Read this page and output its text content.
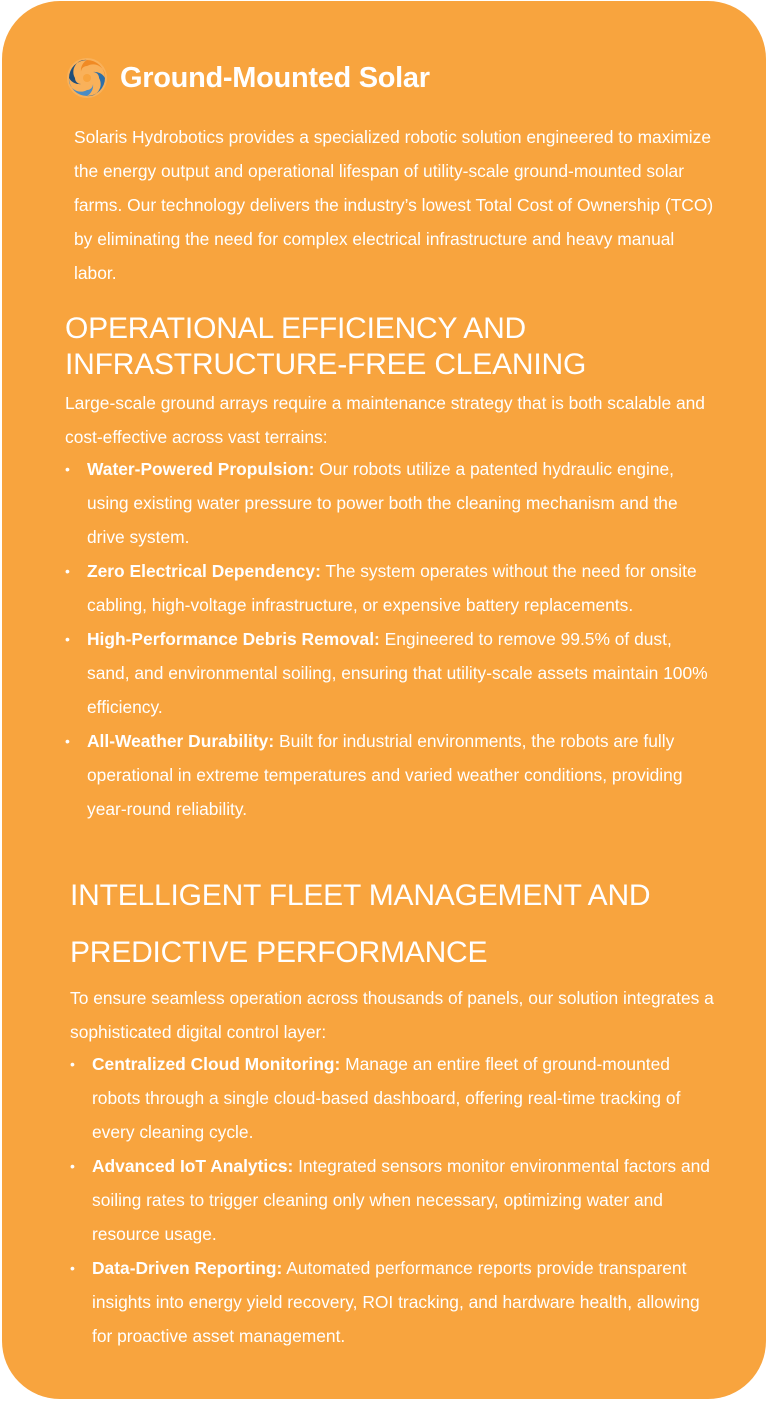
Ground-Mounted Solar

Solaris Hydrobotics provides a specialized robotic solution engineered to maximize the energy output and operational lifespan of utility-scale ground-mounted solar farms. Our technology delivers the industry’s lowest Total Cost of Ownership (TCO) by eliminating the need for complex electrical infrastructure and heavy manual labor.

OPERATIONAL EFFICIENCY AND
INFRASTRUCTURE-FREE CLEANING

Large-scale ground arrays require a maintenance strategy that is both scalable and cost-effective across vast terrains:

• Water-Powered Propulsion: Our robots utilize a patented hydraulic engine, using existing water pressure to power both the cleaning mechanism and the drive system.
• Zero Electrical Dependency: The system operates without the need for onsite cabling, high-voltage infrastructure, or expensive battery replacements.
• High-Performance Debris Removal: Engineered to remove 99.5% of dust, sand, and environmental soiling, ensuring that utility-scale assets maintain 100% efficiency.
• All-Weather Durability: Built for industrial environments, the robots are fully operational in extreme temperatures and varied weather conditions, providing year-round reliability.
INTELLIGENT FLEET MANAGEMENT AND
PREDICTIVE PERFORMANCE

To ensure seamless operation across thousands of panels, our solution integrates a sophisticated digital control layer:

• Centralized Cloud Monitoring: Manage an entire fleet of ground-mounted robots through a single cloud-based dashboard, offering real-time tracking of every cleaning cycle.
• Advanced IoT Analytics: Integrated sensors monitor environmental factors and soiling rates to trigger cleaning only when necessary, optimizing water and resource usage.
• Data-Driven Reporting: Automated performance reports provide transparent insights into energy yield recovery, ROI tracking, and hardware health, allowing for proactive asset management.
